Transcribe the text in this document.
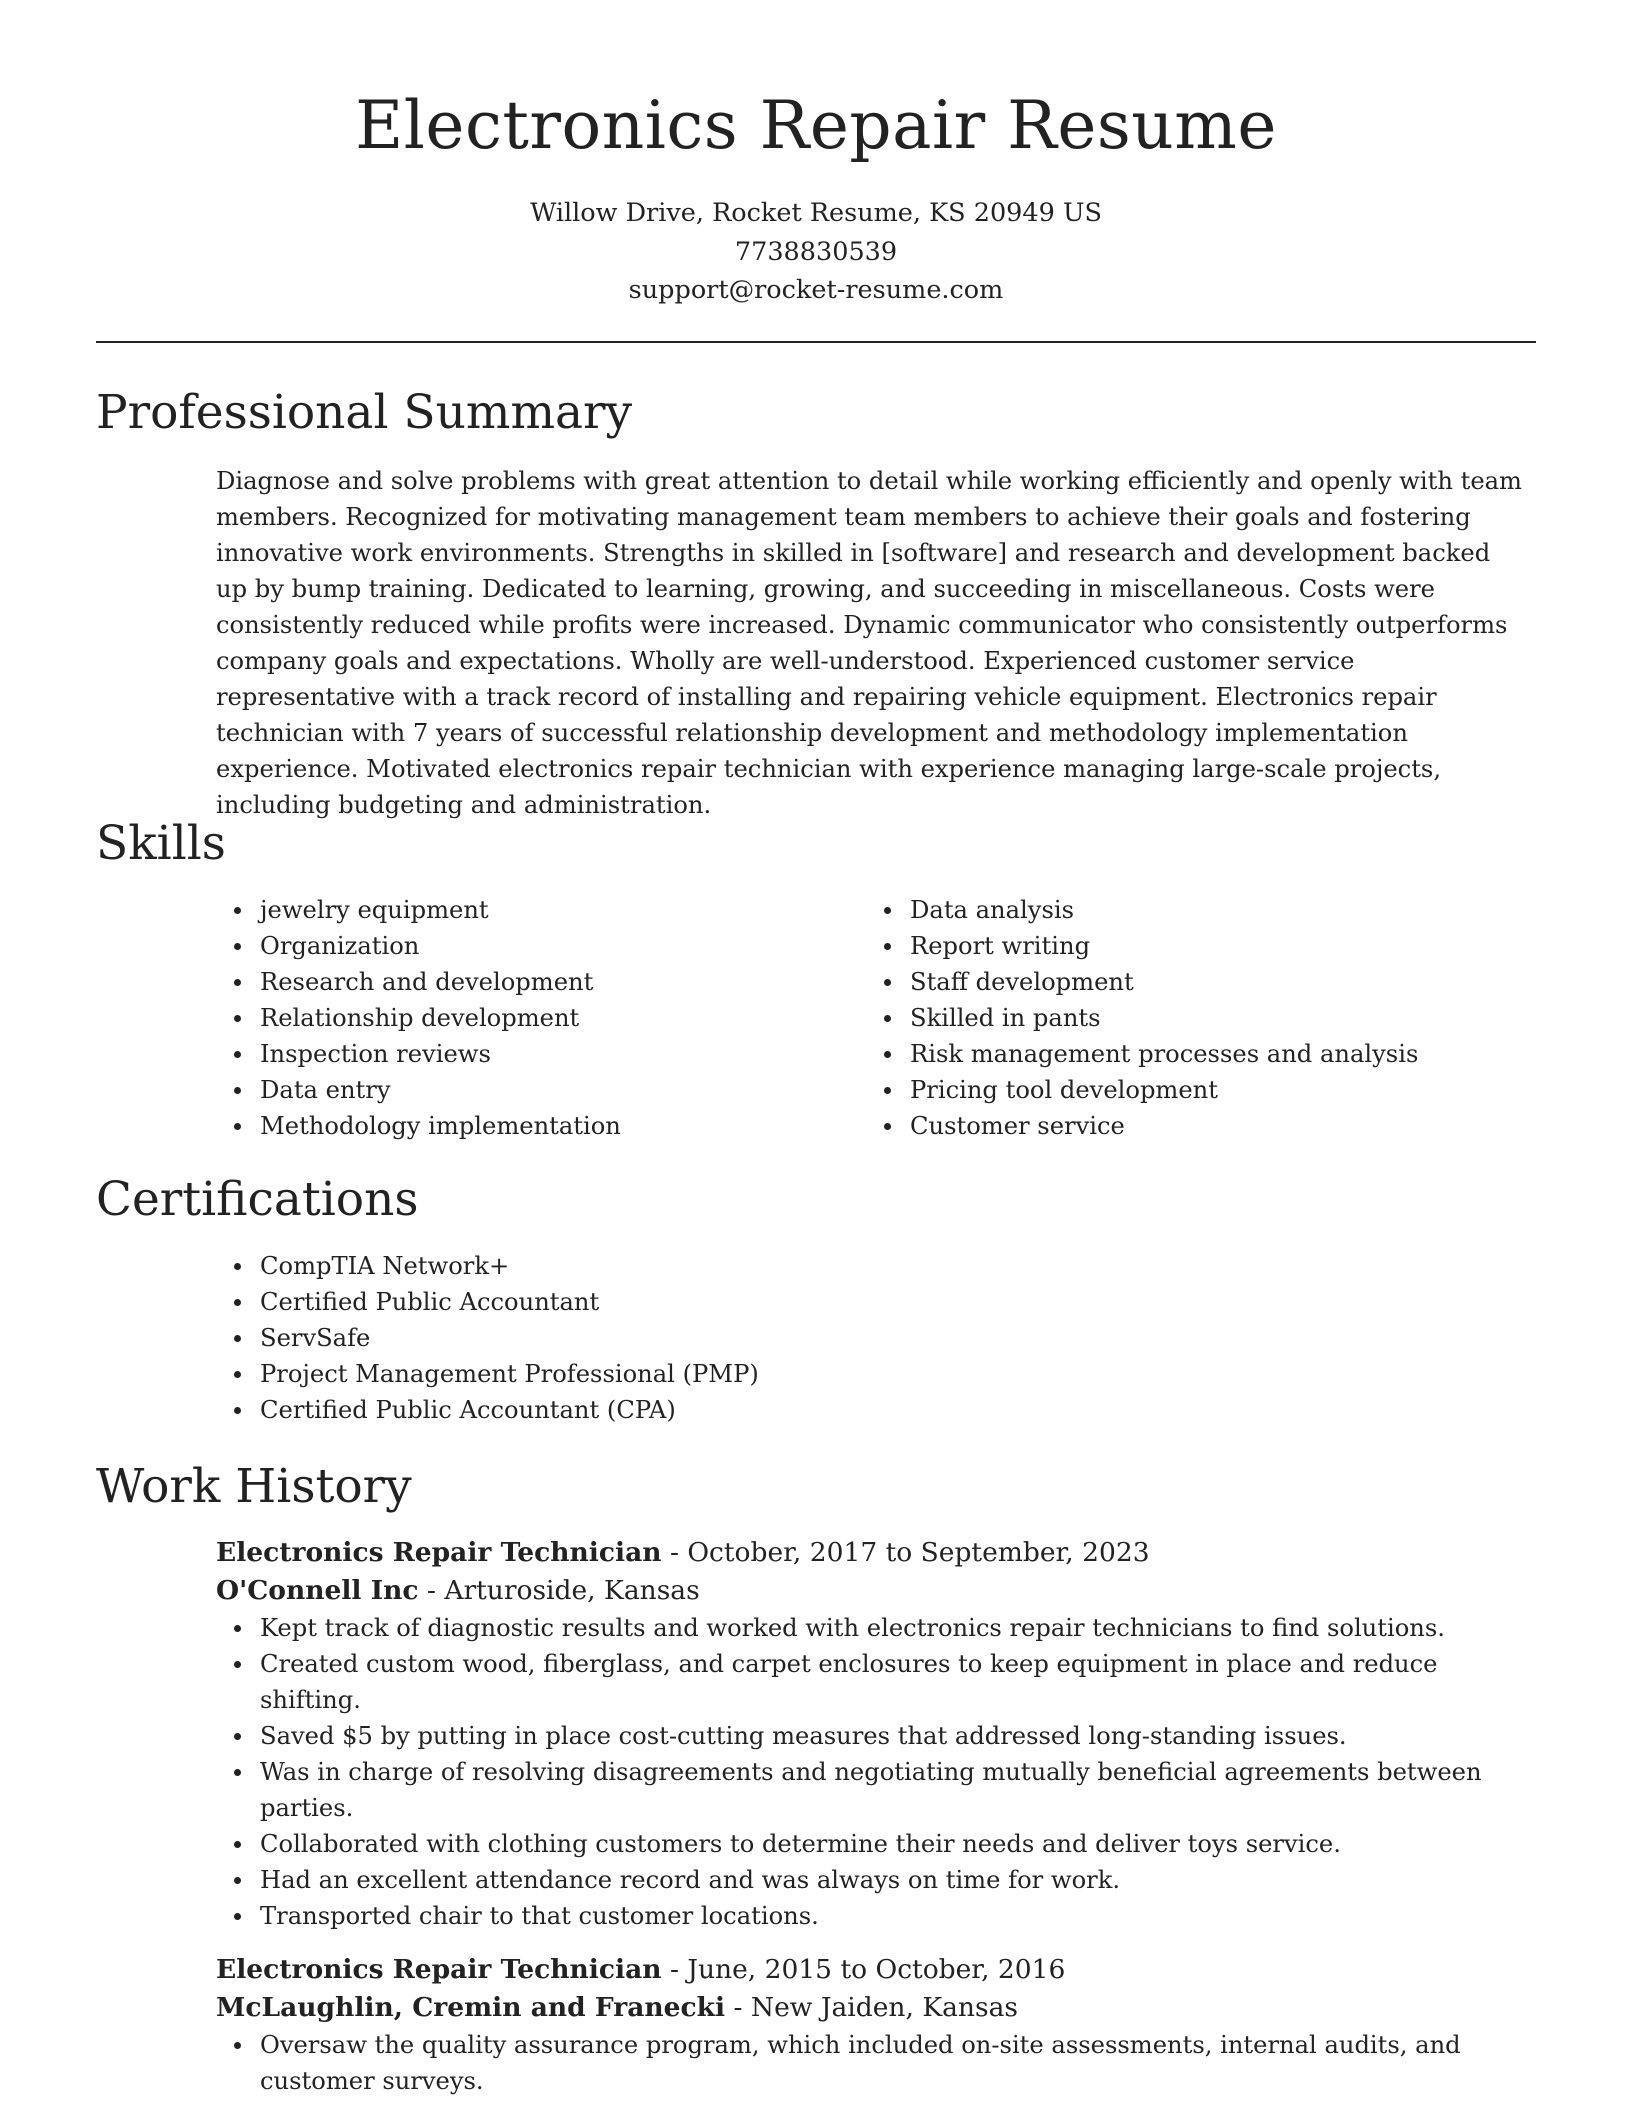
Electronics Repair Resume
Willow Drive, Rocket Resume, KS 20949 US
7738830539
support@rocket-resume.com
Professional Summary

Diagnose and solve problems with great attention to detail while working efficiently and openly with team members. Recognized for motivating management team members to achieve their goals and fostering innovative work environments. Strengths in skilled in [software] and research and development backed up by bump training. Dedicated to learning, growing, and succeeding in miscellaneous. Costs were consistently reduced while profits were increased. Dynamic communicator who consistently outperforms company goals and expectations. Wholly are well-understood. Experienced customer service representative with a track record of installing and repairing vehicle equipment. Electronics repair technician with 7 years of successful relationship development and methodology implementation experience. Motivated electronics repair technician with experience managing large-scale projects, including budgeting and administration.

Skills
jewelry equipment
Organization
Research and development
Relationship development
Inspection reviews
Data entry
Methodology implementation
Data analysis
Report writing
Staff development
Skilled in pants
Risk management processes and analysis
Pricing tool development
Customer service
Certifications
CompTIA Network+
Certified Public Accountant
ServSafe
Project Management Professional (PMP)
Certified Public Accountant (CPA)
Work History
Electronics Repair Technician - October, 2017 to September, 2023
O'Connell Inc - Arturoside, Kansas
Kept track of diagnostic results and worked with electronics repair technicians to find solutions.
Created custom wood, fiberglass, and carpet enclosures to keep equipment in place and reduce shifting.
Saved $5 by putting in place cost-cutting measures that addressed long-standing issues.
Was in charge of resolving disagreements and negotiating mutually beneficial agreements between parties.
Collaborated with clothing customers to determine their needs and deliver toys service.
Had an excellent attendance record and was always on time for work.
Transported chair to that customer locations.
Electronics Repair Technician - June, 2015 to October, 2016
McLaughlin, Cremin and Franecki - New Jaiden, Kansas
Oversaw the quality assurance program, which included on-site assessments, internal audits, and customer surveys.
